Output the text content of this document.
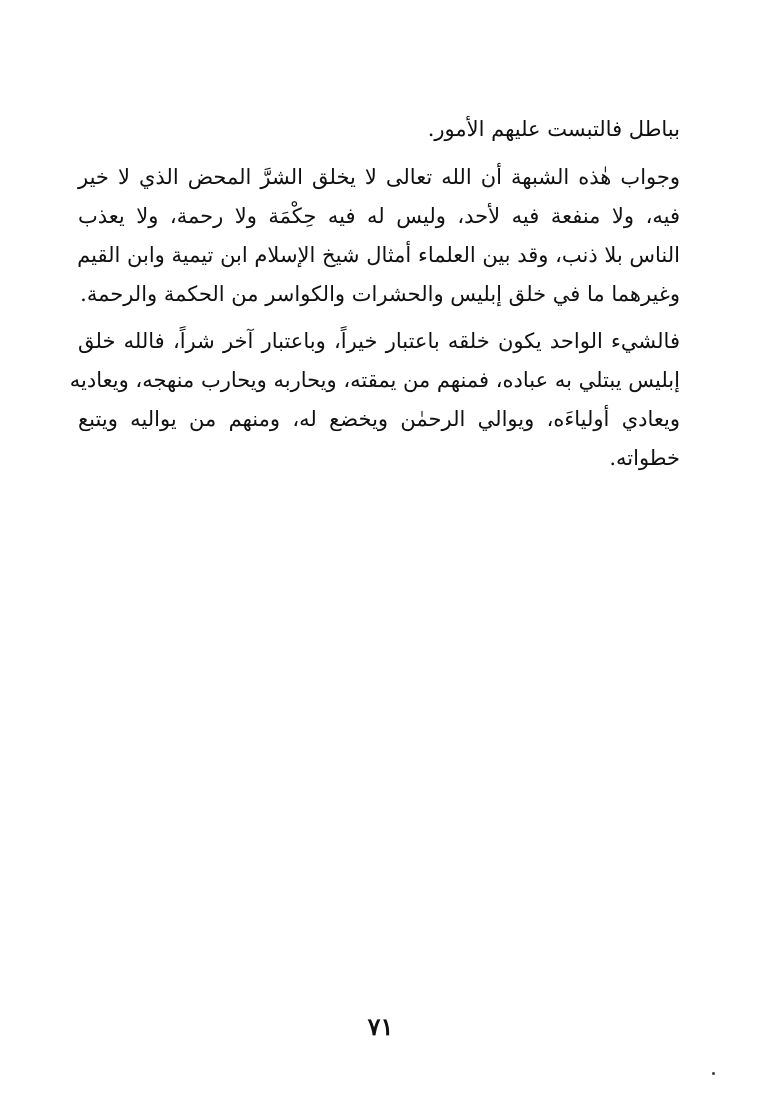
بباطل فالتبست عليهم الأمور.
وجواب هٰذه الشبهة أن الله تعالى لا يخلق الشرَّ المحض الذي لا خير
فيه، ولا منفعة فيه لأحد، وليس له فيه حِكْمَة ولا رحمة، ولا يعذب
الناس بلا ذنب، وقد بين العلماء أمثال شيخ الإسلام ابن تيمية وابن القيم
وغيرهما ما في خلق إبليس والحشرات والكواسر من الحكمة والرحمة.
فالشيء الواحد يكون خلقه باعتبار خيراً، وباعتبار آخر شراً، فالله خلق
إبليس يبتلي به عباده، فمنهم من يمقته، ويحاربه ويحارب منهجه، ويعاديه
ويعادي أولياءَه، ويوالي الرحمٰن ويخضع له، ومنهم من يواليه ويتبع
خطواته.
٧١
